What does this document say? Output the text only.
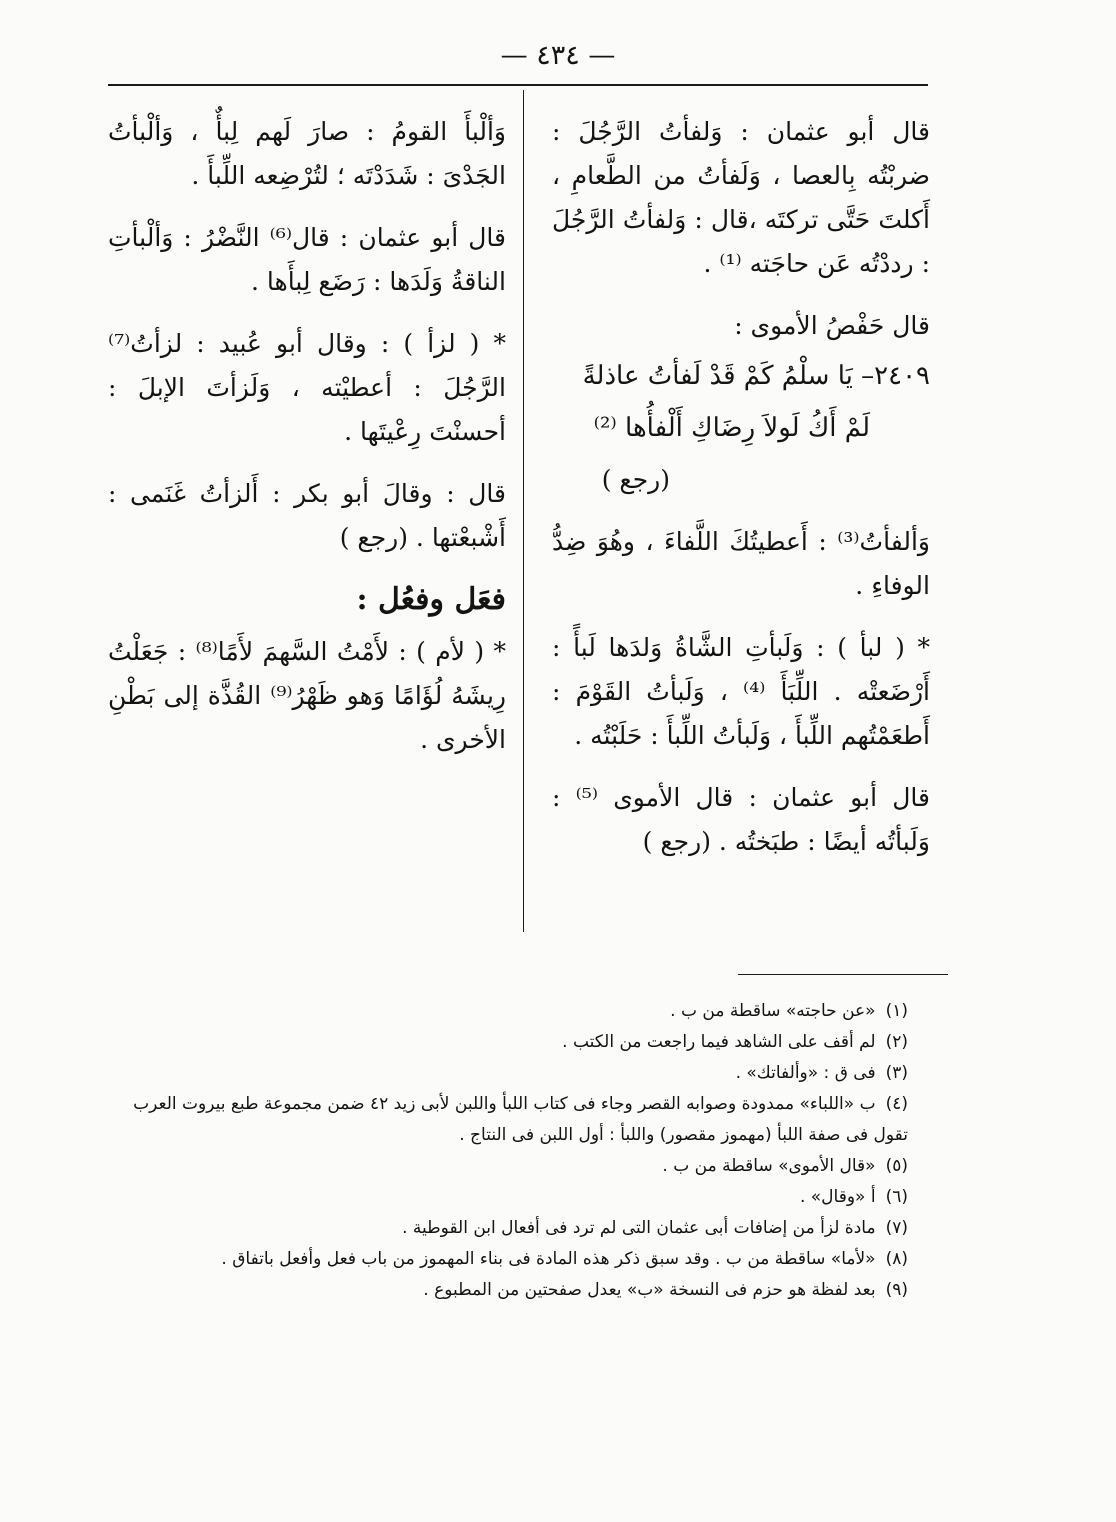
— ٤٣٤ —

قال أبو عثمان : وَلفأتُ الرَّجُلَ : ضربْتُه بِالعصا ، وَلَفأتُ من الطَّعامِ ، أَكلتَ حَتَّى تركتَه ،قال : وَلفأتُ الرَّجُلَ : رددْتُه عَن حاجَته ⁽¹⁾ .

قال حَفْصُ الأموى :

٢٤٠٩– يَا سلْمُ كَمْ قَدْ لَفأتُ عاذلةً
لَمْ أَكُ لَولاَ رِضَاكِ أَلْفأُها ⁽²⁾
(رجع )

وَألفأتُ⁽³⁾ : أَعطيتُكَ اللَّفاءَ ، وهُوَ ضِدُّ الوفاءِ .

* ( لبأ ) : وَلَبأتِ الشَّاةُ وَلدَها لَبأً : أَرْضَعتْه . اللِّبَأَ ⁽⁴⁾ ، وَلَبأتُ القَوْمَ : أَطعَمْتُهم اللِّبأَ ، وَلَبأتُ اللِّبأَ : حَلَبْتُه .

قال أبو عثمان : قال الأموى ⁽⁵⁾ : وَلَبأتُه أيضًا : طبَختُه . (رجع )

وَألْبأَ القومُ : صارَ لَهم لِبأٌ ، وَألْبأتُ الجَدْىَ : شَدَدْتَه ؛ لتُرْضِعه اللِّبأَ .

قال أبو عثمان : قال⁽⁶⁾ النَّضْرُ : وَألْبأتِ الناقةُ وَلَدَها : رَضَع لِبأَها .

* ( لزأ ) : وقال أبو عُبيد : لزأتُ⁽⁷⁾ الرَّجُلَ : أعطيْته ، وَلَزأتَ الإبلَ : أحسنْتَ رِعْيتَها .

قال : وقالَ أبو بكر : أَلزأتُ غَنَمى : أَشْبعْتها . (رجع )

فعَل وفعُل :

* ( لأم ) : لأَمْتُ السَّهمَ لأَمًا⁽⁸⁾ : جَعَلْتُ رِيشَهُ لُؤَامًا وَهو ظَهْرُ⁽⁹⁾ القُذَّة إلى بَطْنِ الأخرى .

(١)«عن حاجته» ساقطة من ب .
(٢)لم أقف على الشاهد فيما راجعت من الكتب .
(٣)فى ق : «وألفاتك» .
(٤)ب «اللباء» ممدودة وصوابه القصر وجاء فى كتاب اللبأ واللبن لأبى زيد ٤٢ ضمن مجموعة طبع بيروت العرب تقول فى صفة اللبأ (مهموز مقصور) واللبأ : أول اللبن فى النتاج .
(٥)«قال الأموى» ساقطة من ب .
(٦)أ «وقال» .
(٧)مادة لزأ من إضافات أبى عثمان التى لم ترد فى أفعال ابن القوطية .
(٨)«لأما» ساقطة من ب . وقد سبق ذكر هذه المادة فى بناء المهموز من باب فعل وأفعل باتفاق .
(٩)بعد لفظة هو حزم فى النسخة «ب» يعدل صفحتين من المطبوع .
